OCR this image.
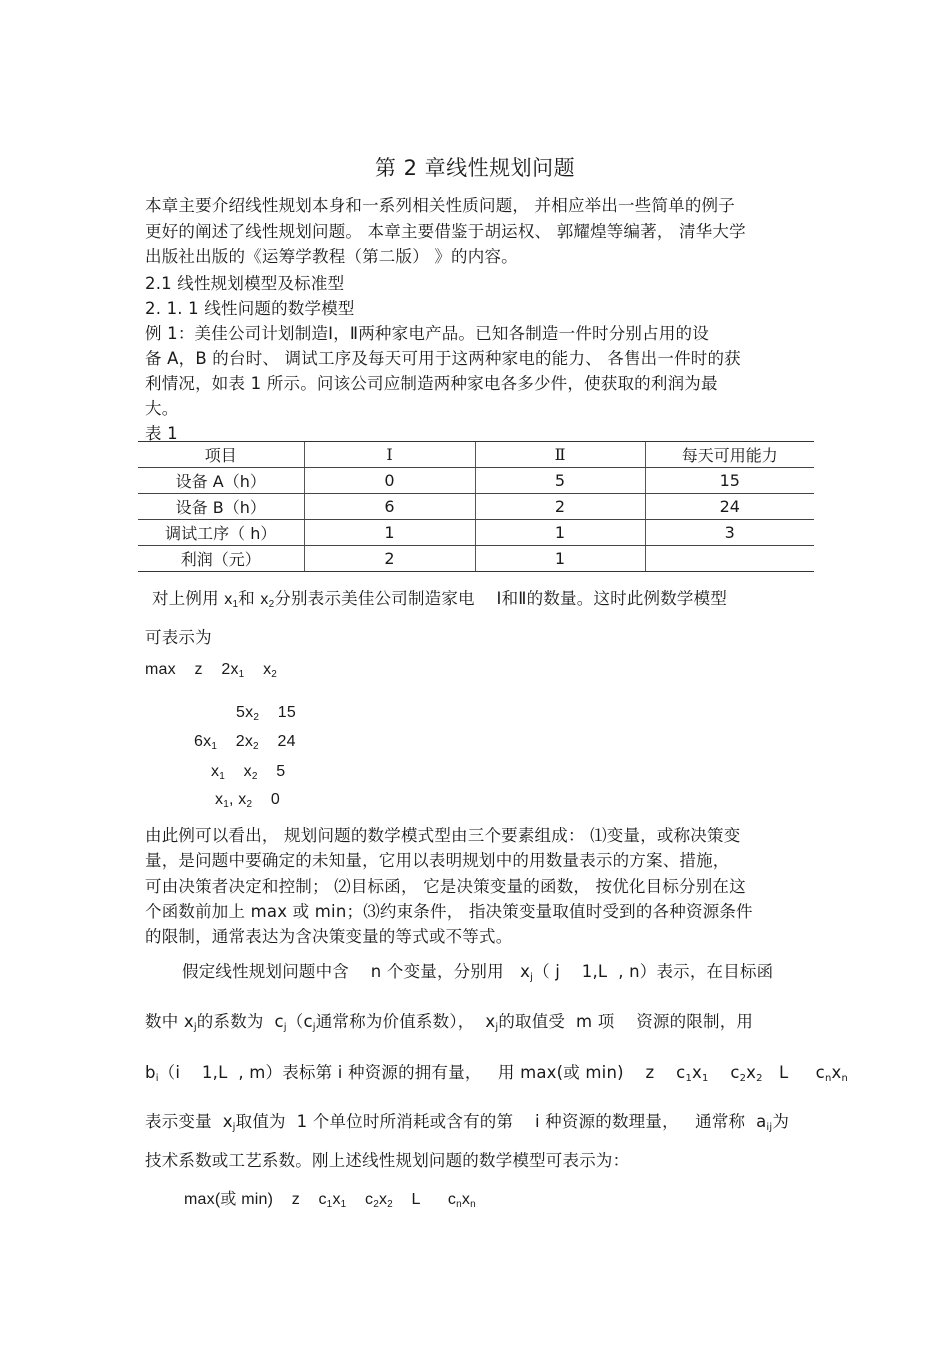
第 2 章线性规划问题
本章主要介绍线性规划本身和一系列相关性质问题， 并相应举出一些简单的例子
更好的阐述了线性规划问题。 本章主要借鉴于胡运权、 郭耀煌等编著， 清华大学
出版社出版的《运筹学教程（第二版） 》的内容。
2.1 线性规划模型及标准型
2. 1. 1 线性问题的数学模型
例 1：美佳公司计划制造Ⅰ，Ⅱ两种家电产品。已知各制造一件时分别占用的设
备 A，B 的台时、 调试工序及每天可用于这两种家电的能力、 各售出一件时的获
利情况，如表 1 所示。问该公司应制造两种家电各多少件，使获取的利润为最
大。
表 1
项目	Ⅰ	Ⅱ	每天可用能力
设备 A（h）	0	5	15
设备 B（h）	6	2	24
调试工序（ h）	1	1	3
利润（元）	2	1	
对上例用 $x_1$和 $x_2$分别表示美佳公司制造家电    Ⅰ和Ⅱ的数量。这时此例数学模型
可表示为
max z $2x_1$ $x_2$
$5x_2$ 15
$6x_1$ $2x_2$ 24
$x_1$ $x_2$ 5
$x_1$, $x_2$ 0
由此例可以看出， 规划问题的数学模式型由三个要素组成： ⑴变量，或称决策变
量，是问题中要确定的未知量，它用以表明规划中的用数量表示的方案、措施，
可由决策者决定和控制； ⑵目标函， 它是决策变量的函数， 按优化目标分别在这
个函数前加上 max 或 min；⑶约束条件， 指决策变量取值时受到的各种资源条件
的限制，通常表达为含决策变量的等式或不等式。
假定线性规划问题中含    n 个变量，分别用   $x_j$（ j    1,L  , n）表示，在目标函
数中 $x_j$的系数为  $c_j(c_j$通常称为价值系数），  $x_j$的取值受  m 项    资源的限制，用
$b_i(i$    1,L  , m）表标第 i 种资源的拥有量，   用 max(或 min)    z    $c_1x_1$    $c_2x_2$   L     $c_nx_n$
表示变量  $x_j$取值为  1 个单位时所消耗或含有的第    i 种资源的数理量，   通常称  $a_{ij}$为
技术系数或工艺系数。刚上述线性规划问题的数学模型可表示为：
max(或 min)    z    $c_1x_1$    $c_2x_2$    L      $c_nx_n$
